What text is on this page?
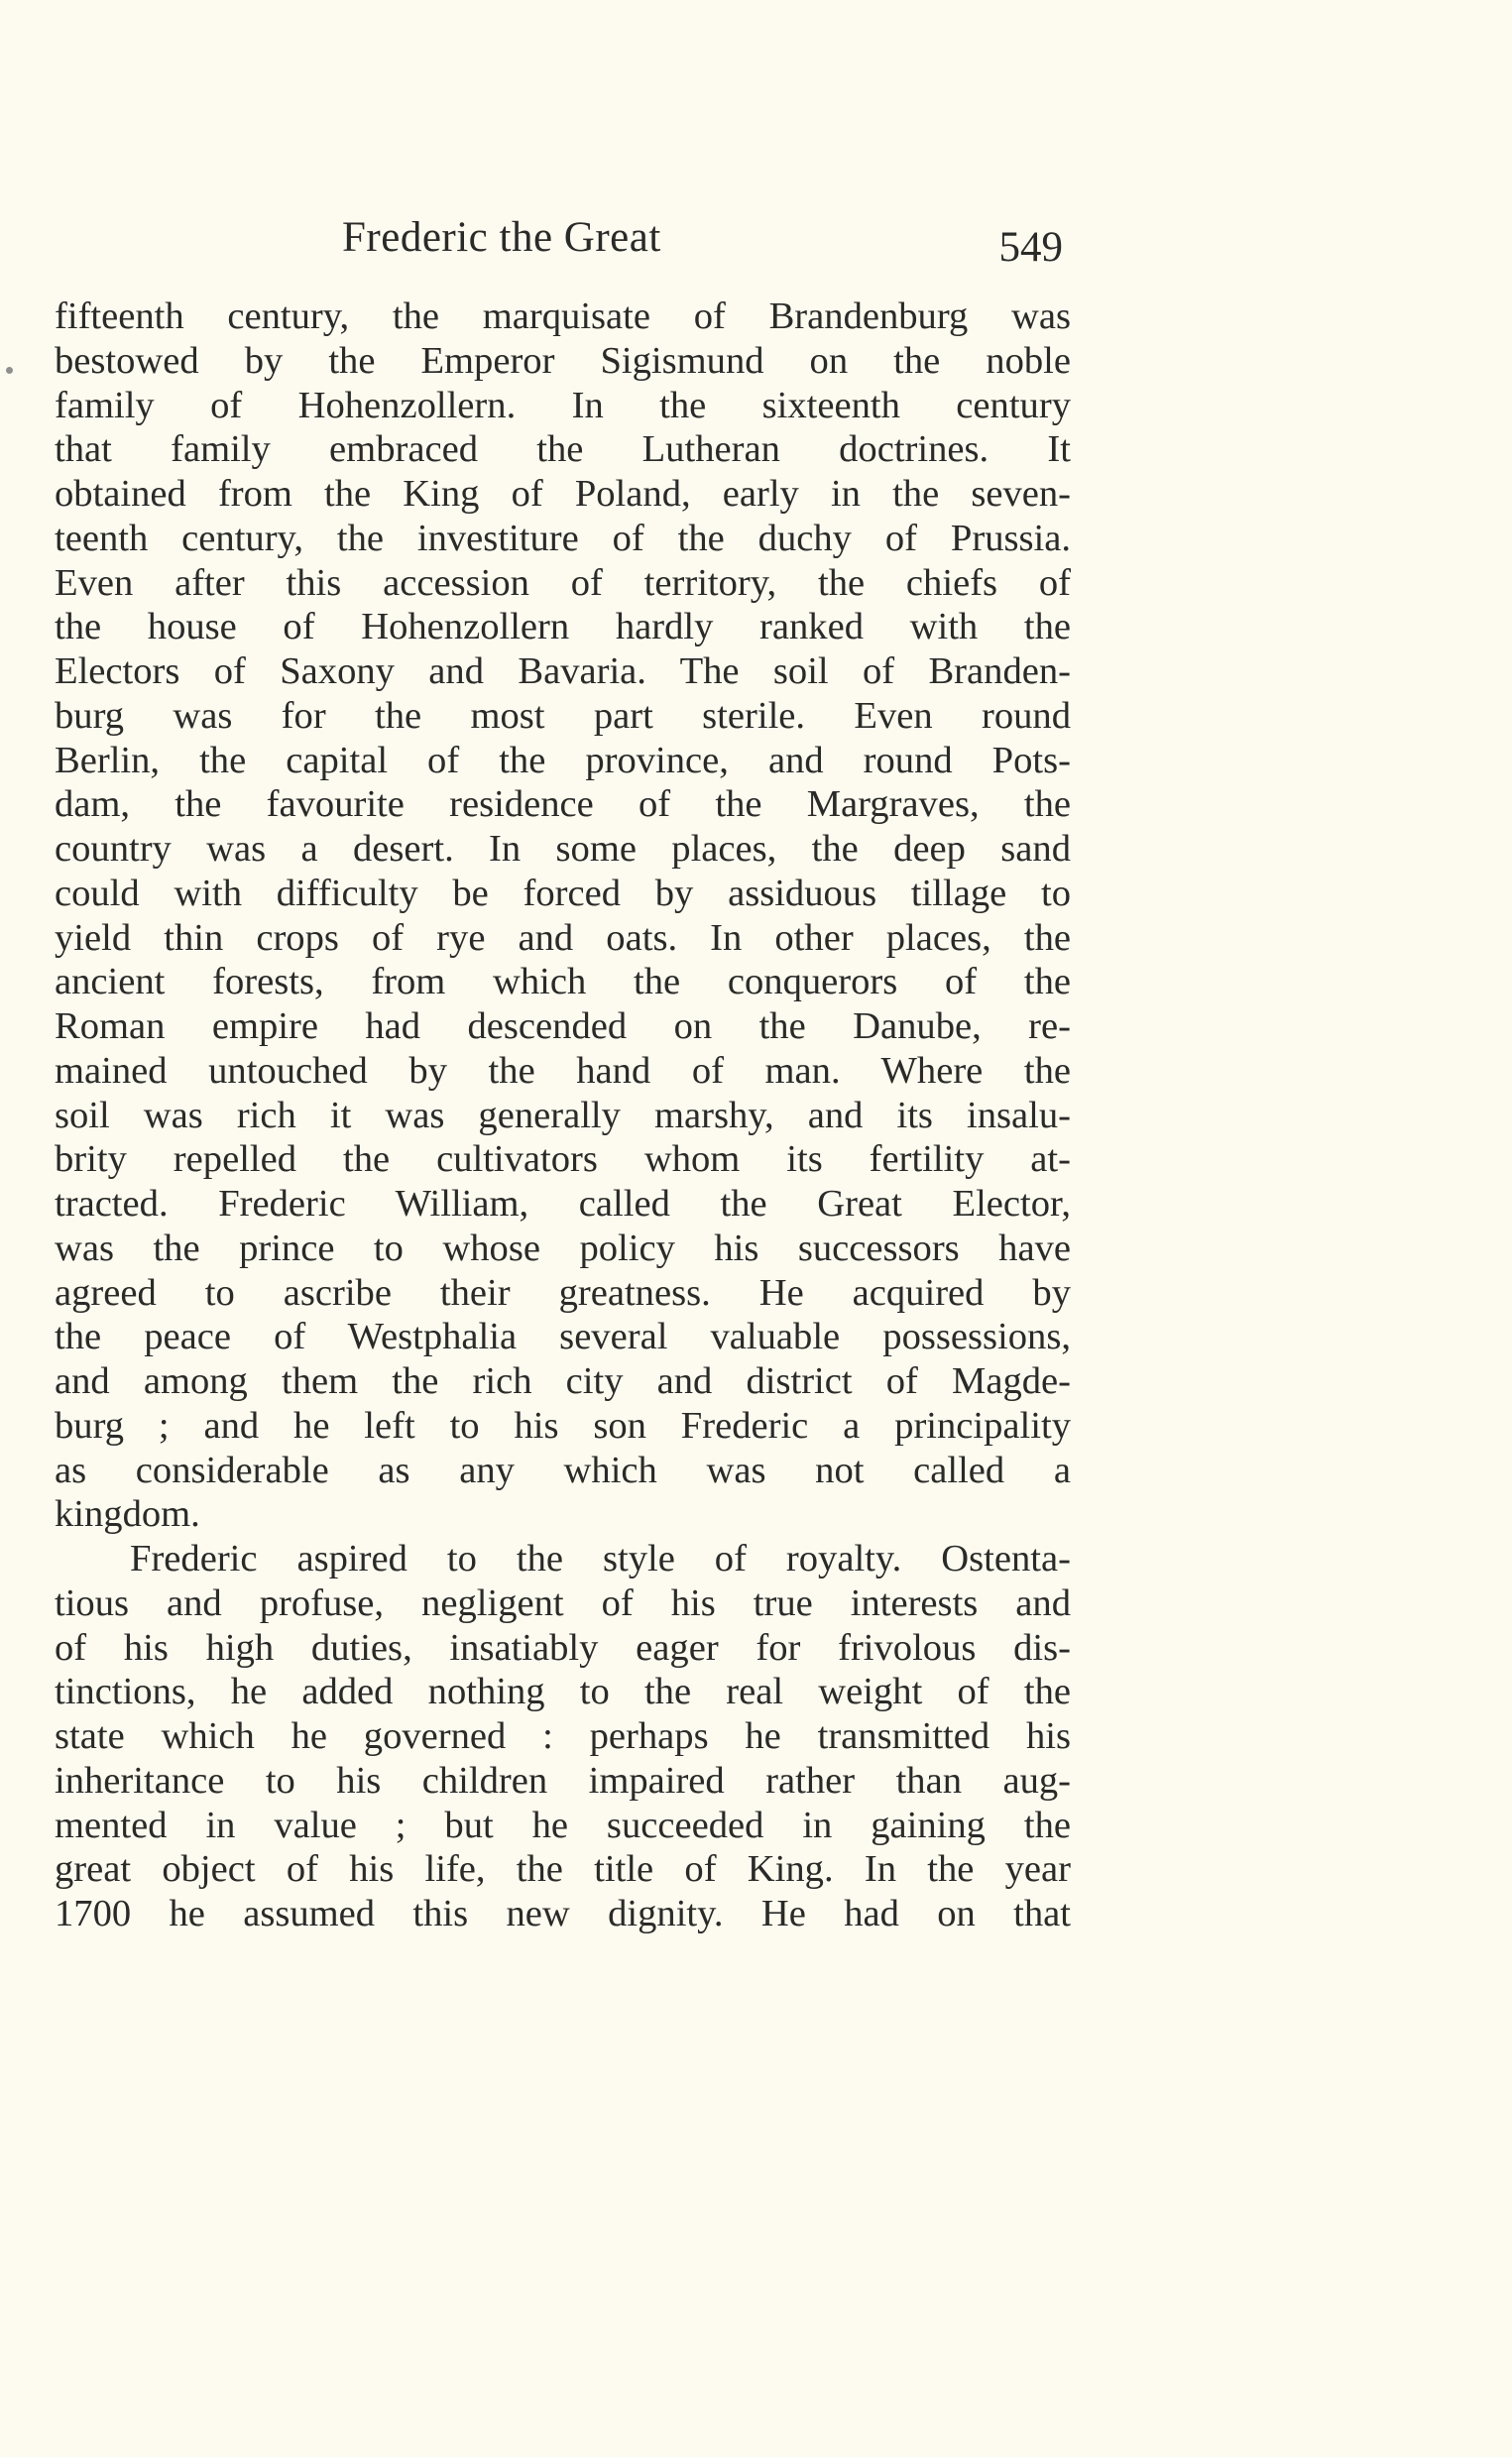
Frederic the Great	549
fifteenth century, the marquisate of Brandenburg was
bestowed by the Emperor Sigismund on the noble
family of Hohenzollern. In the sixteenth century
that family embraced the Lutheran doctrines. It
obtained from the King of Poland, early in the seven-
teenth century, the investiture of the duchy of Prussia.
Even after this accession of territory, the chiefs of
the house of Hohenzollern hardly ranked with the
Electors of Saxony and Bavaria. The soil of Branden-
burg was for the most part sterile. Even round
Berlin, the capital of the province, and round Pots-
dam, the favourite residence of the Margraves, the
country was a desert. In some places, the deep sand
could with difficulty be forced by assiduous tillage to
yield thin crops of rye and oats. In other places, the
ancient forests, from which the conquerors of the
Roman empire had descended on the Danube, re-
mained untouched by the hand of man. Where the
soil was rich it was generally marshy, and its insalu-
brity repelled the cultivators whom its fertility at-
tracted. Frederic William, called the Great Elector,
was the prince to whose policy his successors have
agreed to ascribe their greatness. He acquired by
the peace of Westphalia several valuable possessions,
and among them the rich city and district of Magde-
burg ; and he left to his son Frederic a principality
as considerable as any which was not called a
kingdom.
Frederic aspired to the style of royalty. Ostenta-
tious and profuse, negligent of his true interests and
of his high duties, insatiably eager for frivolous dis-
tinctions, he added nothing to the real weight of the
state which he governed : perhaps he transmitted his
inheritance to his children impaired rather than aug-
mented in value ; but he succeeded in gaining the
great object of his life, the title of King. In the year
1700 he assumed this new dignity. He had on that
